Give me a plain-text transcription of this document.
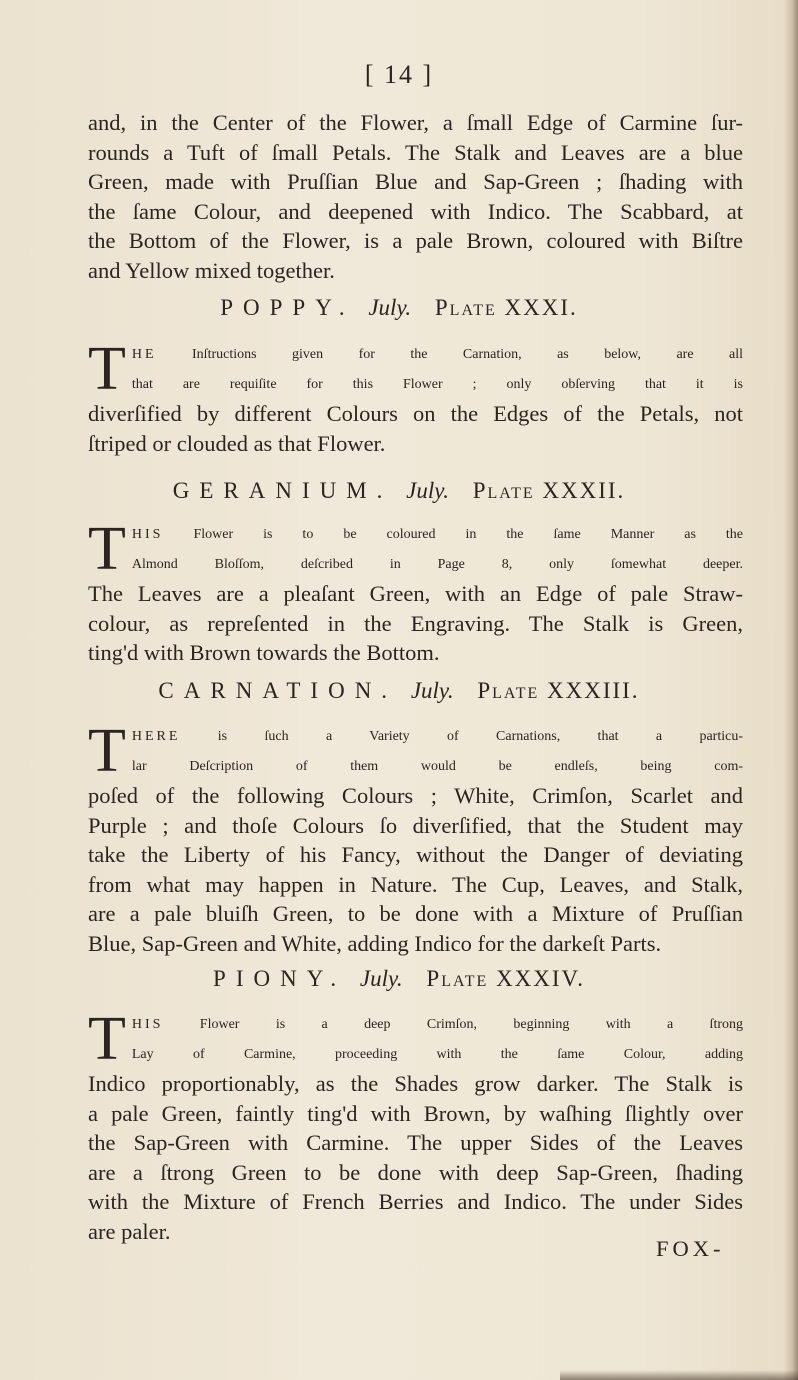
[ 14 ]
and, in the Center of the Flower, a ſmall Edge of Carmine ſur-
rounds a Tuft of ſmall Petals. The Stalk and Leaves are a blue
Green, made with Pruſſian Blue and Sap-Green ; ſhading with
the ſame Colour, and deepened with Indico. The Scabbard, at
the Bottom of the Flower, is a pale Brown, coloured with Biſtre
and Yellow mixed together.
POPPY. July. Plate XXXI.
T HE	Inſtructions given for the Carnation, as below, are all
that are requiſite for this Flower ; only obſerving that it is
diverſified by different Colours on the Edges of the Petals, not
ſtriped or clouded as that Flower.
GERANIUM. July. Plate XXXII.
T HIS Flower is to be coloured in the ſame Manner as the
Almond Bloſſom, deſcribed in Page 8, only ſomewhat deeper.
The Leaves are a pleaſant Green, with an Edge of pale Straw-
colour, as repreſented in the Engraving. The Stalk is Green,
ting'd with Brown towards the Bottom.
CARNATION. July. Plate XXXIII.
T HERE	is ſuch a Variety of Carnations, that a particu-
lar Deſcription of them would be endleſs, being com-
poſed of the following Colours ; White, Crimſon, Scarlet and
Purple ; and thoſe Colours ſo diverſified, that the Student may
take the Liberty of his Fancy, without the Danger of deviating
from what may happen in Nature. The Cup, Leaves, and Stalk,
are a pale bluiſh Green, to be done with a Mixture of Pruſſian
Blue, Sap-Green and White, adding Indico for the darkeſt Parts.
PIONY. July. Plate XXXIV.
T HIS	Flower is a deep Crimſon, beginning with a ſtrong
Lay of Carmine, proceeding with the ſame Colour, adding
Indico proportionably, as the Shades grow darker. The Stalk is
a pale Green, faintly ting'd with Brown, by waſhing ſlightly over
the Sap-Green with Carmine. The upper Sides of the Leaves
are a ſtrong Green to be done with deep Sap-Green, ſhading
with the Mixture of French Berries and Indico. The under Sides
are paler.
FOX-
